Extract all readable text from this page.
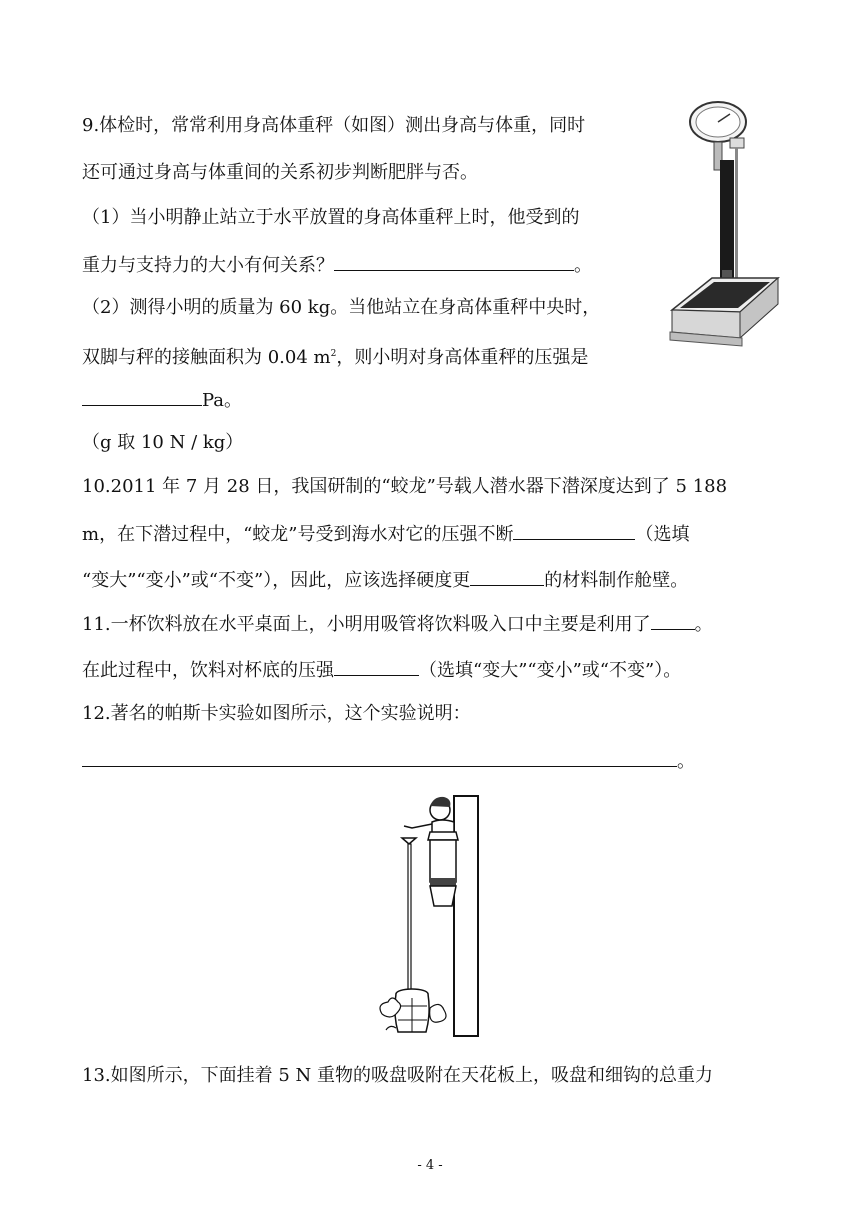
9.体检时，常常利用身高体重秤（如图）测出身高与体重，同时
还可通过身高与体重间的关系初步判断肥胖与否。
（1）当小明静止站立于水平放置的身高体重秤上时，他受到的
重力与支持力的大小有何关系？	。
（2）测得小明的质量为 60 kg。当他站立在身高体重秤中央时，
双脚与秤的接触面积为 0.04 $m^2$，则小明对身高体重秤的压强是
Pa。
（g 取 10 N / kg）
10.2011 年 7 月 28 日，我国研制的“蛟龙”号载人潜水器下潜深度达到了 5 188
m，在下潜过程中，“蛟龙”号受到海水对它的压强不断	（选填
“变大”“变小”或“不变”），因此，应该选择硬度更	的材料制作舱壁。
11.一杯饮料放在水平桌面上，小明用吸管将饮料吸入口中主要是利用了 。
在此过程中，饮料对杯底的压强	（选填“变大”“变小”或“不变”）。
12.著名的帕斯卡实验如图所示，这个实验说明：
。
13.如图所示，下面挂着 5 N 重物的吸盘吸附在天花板上，吸盘和细钩的总重力
- 4 -
